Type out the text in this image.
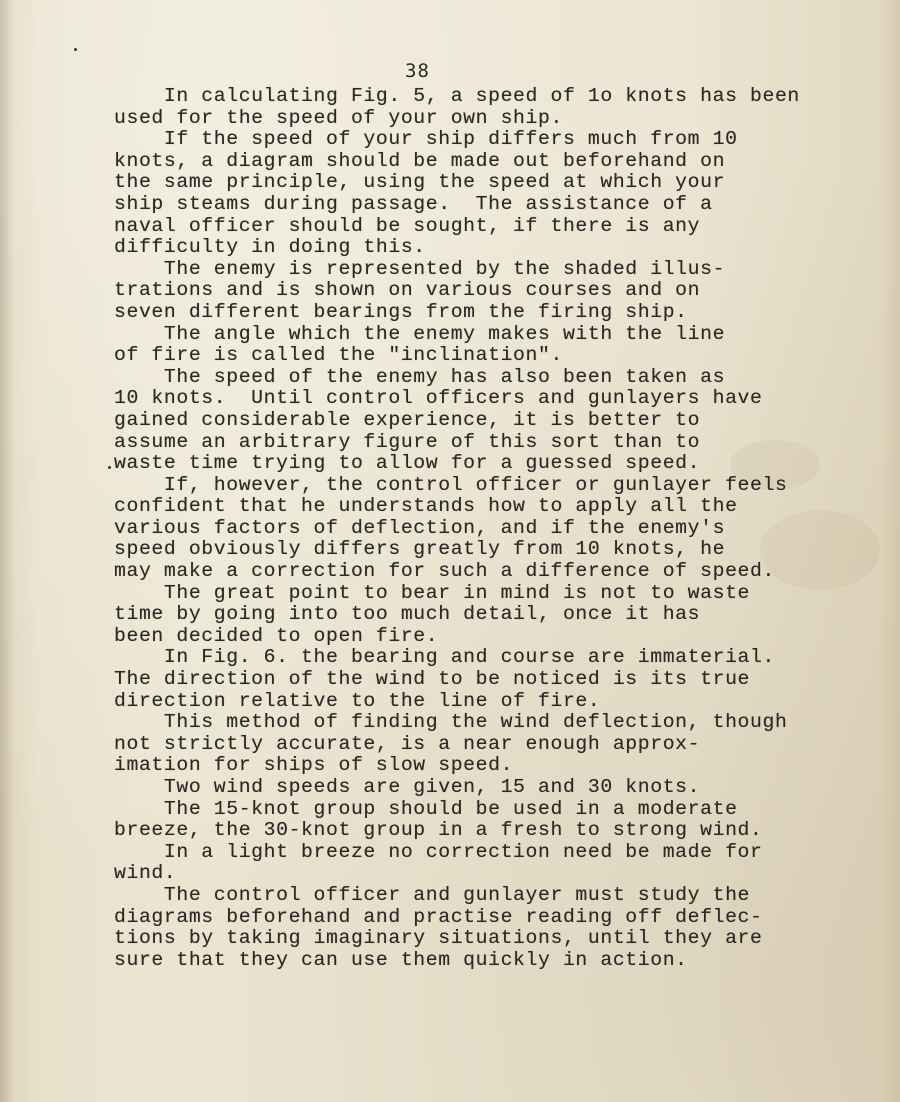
38
In calculating Fig. 5, a speed of 1o knots has been
used for the speed of your own ship.
If the speed of your ship differs much from 10
knots, a diagram should be made out beforehand on
the same principle, using the speed at which your
ship steams during passage.  The assistance of a
naval officer should be sought, if there is any
difficulty in doing this.
The enemy is represented by the shaded illus-
trations and is shown on various courses and on
seven different bearings from the firing ship.
The angle which the enemy makes with the line
of fire is called the "inclination".
The speed of the enemy has also been taken as
10 knots.  Until control officers and gunlayers have
gained considerable experience, it is better to
assume an arbitrary figure of this sort than to
waste time trying to allow for a guessed speed.
If, however, the control officer or gunlayer feels
confident that he understands how to apply all the
various factors of deflection, and if the enemy's
speed obviously differs greatly from 10 knots, he
may make a correction for such a difference of speed.
The great point to bear in mind is not to waste
time by going into too much detail, once it has
been decided to open fire.
In Fig. 6. the bearing and course are immaterial.
The direction of the wind to be noticed is its true
direction relative to the line of fire.
This method of finding the wind deflection, though
not strictly accurate, is a near enough approx-
imation for ships of slow speed.
Two wind speeds are given, 15 and 30 knots.
The 15-knot group should be used in a moderate
breeze, the 30-knot group in a fresh to strong wind.
In a light breeze no correction need be made for
wind.
The control officer and gunlayer must study the
diagrams beforehand and practise reading off deflec-
tions by taking imaginary situations, until they are
sure that they can use them quickly in action.
